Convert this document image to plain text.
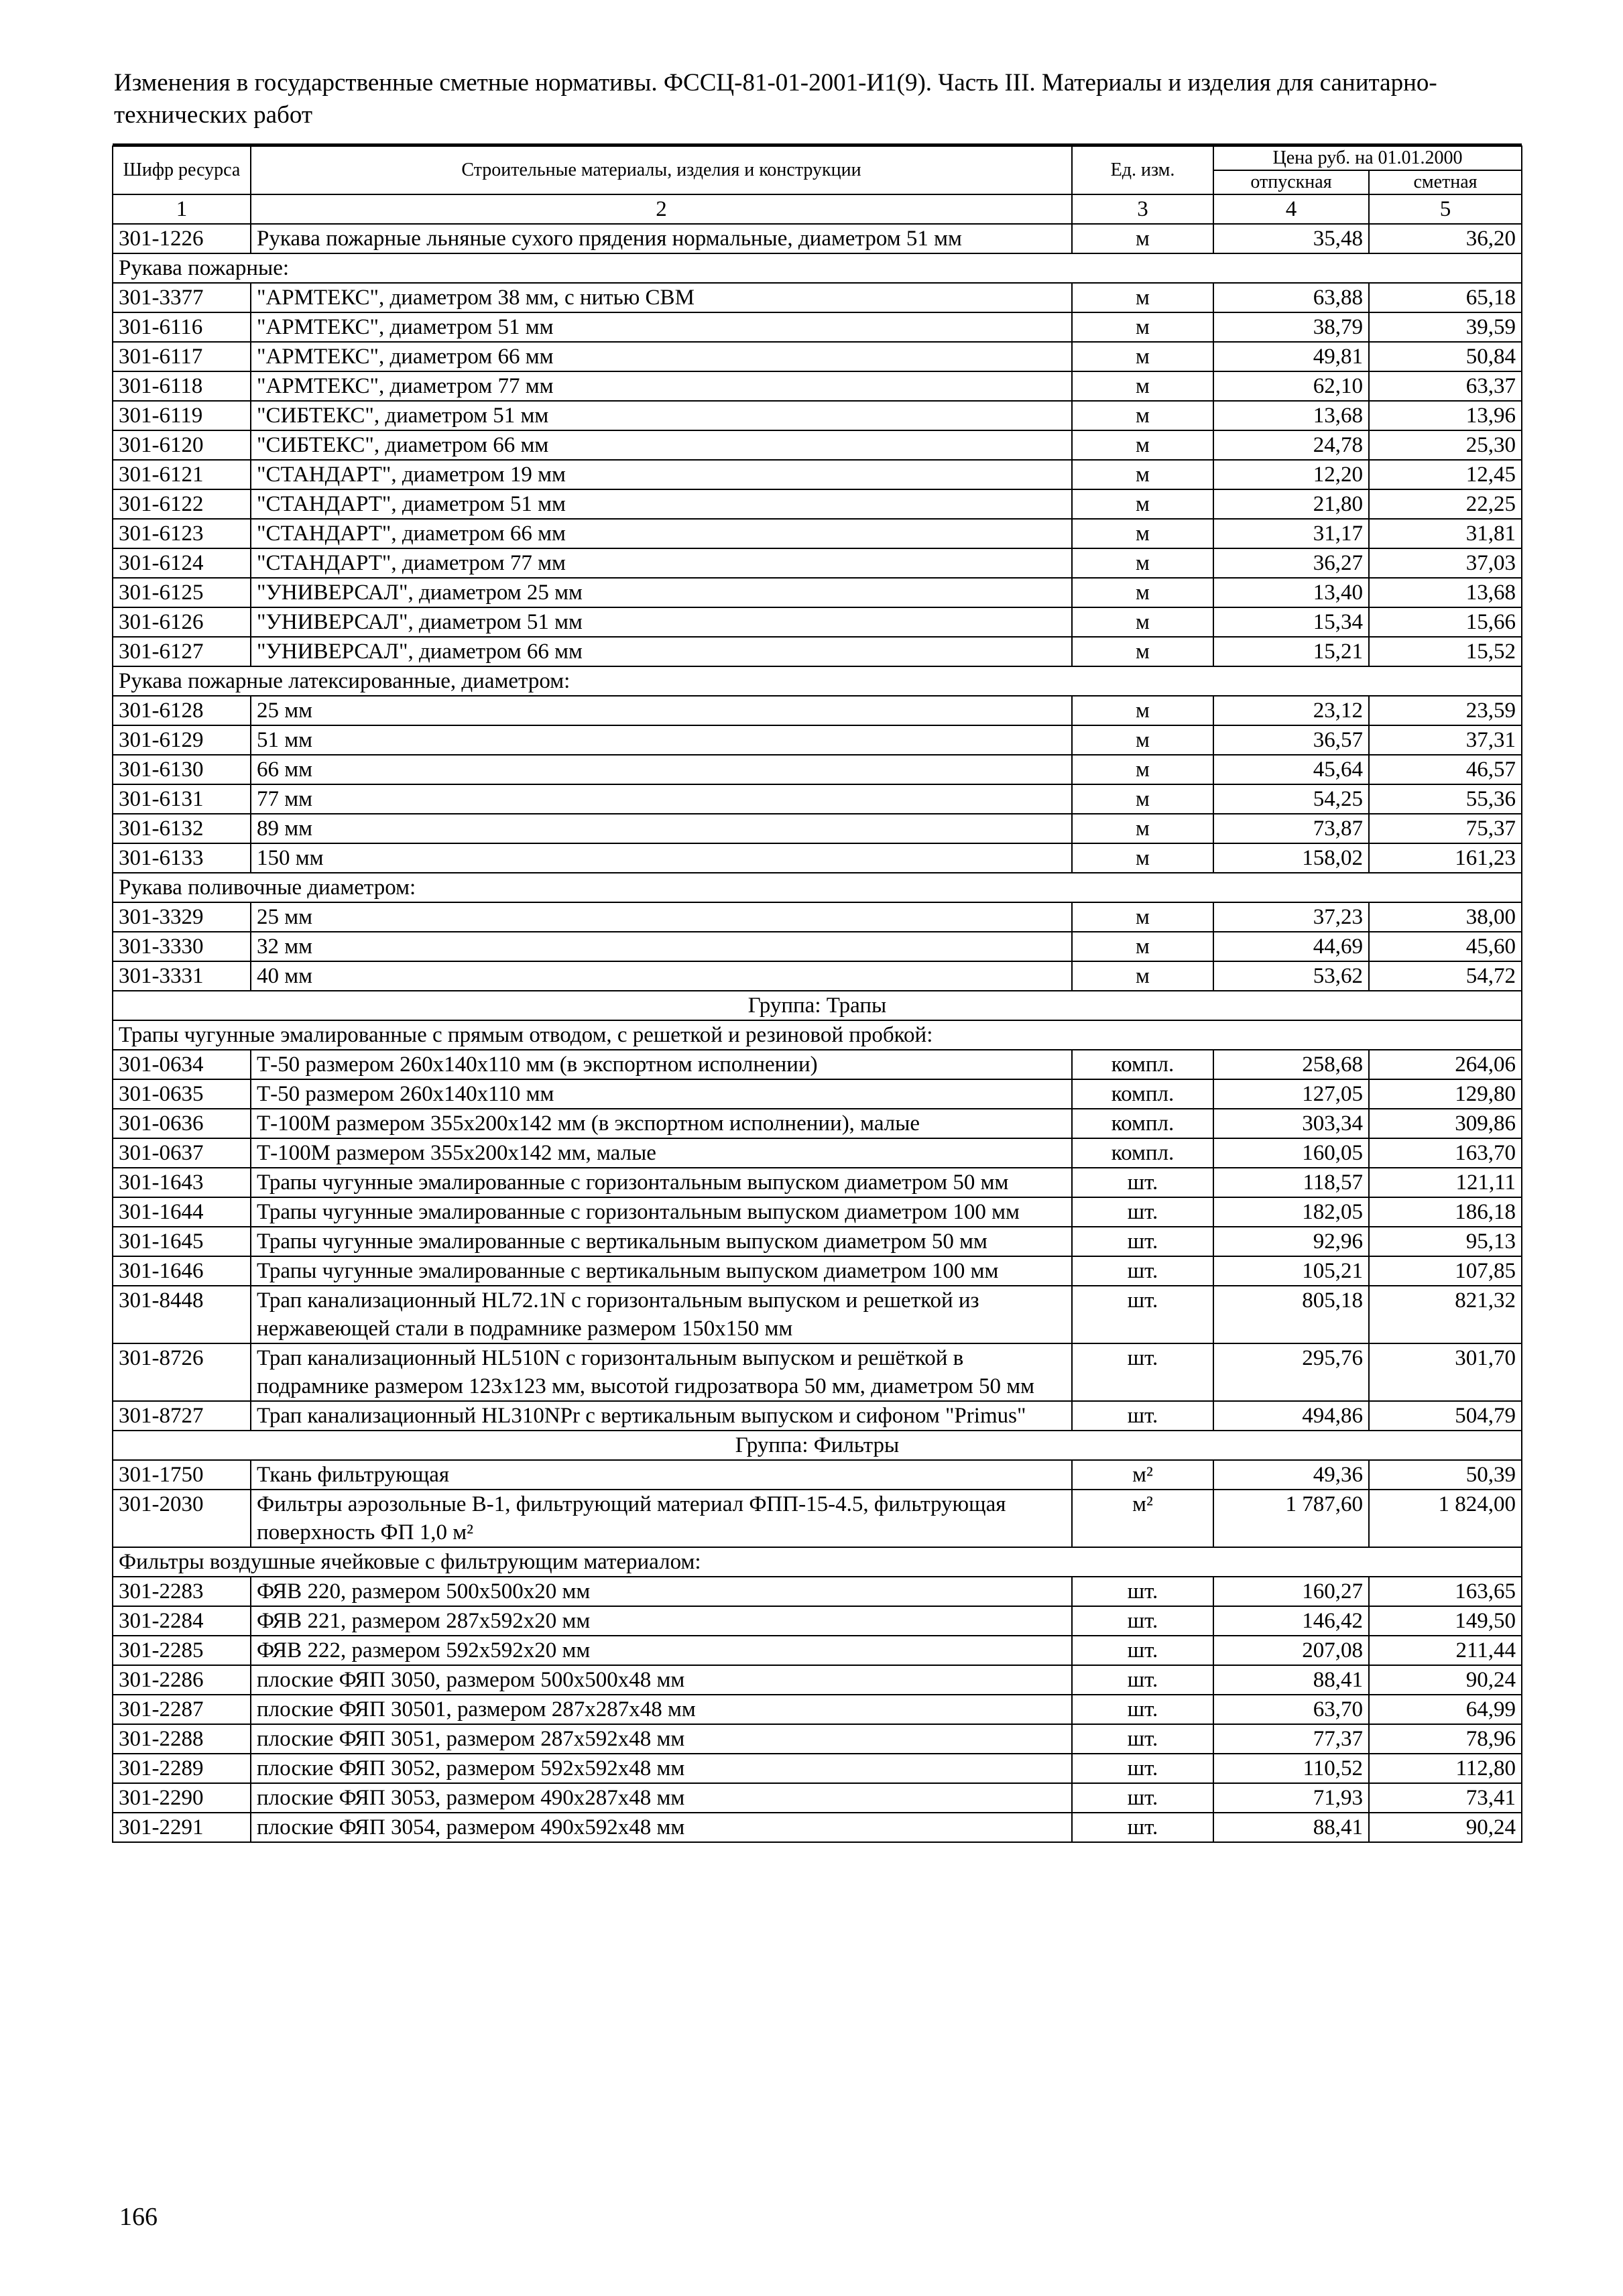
Изменения в государственные сметные нормативы. ФССЦ-81-01-2001-И1(9). Часть III. Материалы и изделия для санитарно-технических работ
Шифр ресурса	Строительные материалы, изделия и конструкции	Ед. изм.	Цена руб. на 01.01.2000	
			отпускная	сметная
1	2	3	4	5
301-1226	Рукава пожарные льняные сухого прядения нормальные, диаметром 51 мм	м	35,48	36,20
Рукава пожарные:				
301-3377	"АРМТЕКС", диаметром 38 мм, с нитью СВМ	м	63,88	65,18
301-6116	"АРМТЕКС", диаметром 51 мм	м	38,79	39,59
301-6117	"АРМТЕКС", диаметром 66 мм	м	49,81	50,84
301-6118	"АРМТЕКС", диаметром 77 мм	м	62,10	63,37
301-6119	"СИБТЕКС", диаметром 51 мм	м	13,68	13,96
301-6120	"СИБТЕКС", диаметром 66 мм	м	24,78	25,30
301-6121	"СТАНДАРТ", диаметром 19 мм	м	12,20	12,45
301-6122	"СТАНДАРТ", диаметром 51 мм	м	21,80	22,25
301-6123	"СТАНДАРТ", диаметром 66 мм	м	31,17	31,81
301-6124	"СТАНДАРТ", диаметром 77 мм	м	36,27	37,03
301-6125	"УНИВЕРСАЛ", диаметром 25 мм	м	13,40	13,68
301-6126	"УНИВЕРСАЛ", диаметром 51 мм	м	15,34	15,66
301-6127	"УНИВЕРСАЛ", диаметром 66 мм	м	15,21	15,52
Рукава пожарные латексированные, диаметром:				
301-6128	25 мм	м	23,12	23,59
301-6129	51 мм	м	36,57	37,31
301-6130	66 мм	м	45,64	46,57
301-6131	77 мм	м	54,25	55,36
301-6132	89 мм	м	73,87	75,37
301-6133	150 мм	м	158,02	161,23
Рукава поливочные диаметром:				
301-3329	25 мм	м	37,23	38,00
301-3330	32 мм	м	44,69	45,60
301-3331	40 мм	м	53,62	54,72
Группа: Трапы				
Трапы чугунные эмалированные с прямым отводом, с решеткой и резиновой пробкой:				
301-0634	Т-50 размером 260x140x110 мм (в экспортном исполнении)	компл.	258,68	264,06
301-0635	Т-50 размером 260x140x110 мм	компл.	127,05	129,80
301-0636	Т-100М размером 355x200x142 мм (в экспортном исполнении), малые	компл.	303,34	309,86
301-0637	Т-100М размером 355x200x142 мм, малые	компл.	160,05	163,70
301-1643	Трапы чугунные эмалированные с горизонтальным выпуском диаметром 50 мм	шт.	118,57	121,11
301-1644	Трапы чугунные эмалированные с горизонтальным выпуском диаметром 100 мм	шт.	182,05	186,18
301-1645	Трапы чугунные эмалированные с вертикальным выпуском диаметром 50 мм	шт.	92,96	95,13
301-1646	Трапы чугунные эмалированные с вертикальным выпуском диаметром 100 мм	шт.	105,21	107,85
301-8448	Трап канализационный HL72.1N с горизонтальным выпуском и решеткой из нержавеющей стали в подрамнике размером 150x150 мм	шт.	805,18	821,32
301-8726	Трап канализационный HL510N с горизонтальным выпуском и решёткой в подрамнике размером 123x123 мм, высотой гидрозатвора 50 мм, диаметром 50 мм	шт.	295,76	301,70
301-8727	Трап канализационный HL310NPr с вертикальным выпуском и сифоном "Primus"	шт.	494,86	504,79
Группа: Фильтры				
301-1750	Ткань фильтрующая	м²	49,36	50,39
301-2030	Фильтры аэрозольные В-1, фильтрующий материал ФПП-15-4.5, фильтрующая поверхность ФП 1,0 м²	м²	1 787,60	1 824,00
Фильтры воздушные ячейковые с фильтрующим материалом:				
301-2283	ФЯВ 220, размером 500x500x20 мм	шт.	160,27	163,65
301-2284	ФЯВ 221, размером 287x592x20 мм	шт.	146,42	149,50
301-2285	ФЯВ 222, размером 592x592x20 мм	шт.	207,08	211,44
301-2286	плоские ФЯП 3050, размером 500x500x48 мм	шт.	88,41	90,24
301-2287	плоские ФЯП 30501, размером 287x287x48 мм	шт.	63,70	64,99
301-2288	плоские ФЯП 3051, размером 287x592x48 мм	шт.	77,37	78,96
301-2289	плоские ФЯП 3052, размером 592x592x48 мм	шт.	110,52	112,80
301-2290	плоские ФЯП 3053, размером 490x287x48 мм	шт.	71,93	73,41
301-2291	плоские ФЯП 3054, размером 490x592x48 мм	шт.	88,41	90,24
166
